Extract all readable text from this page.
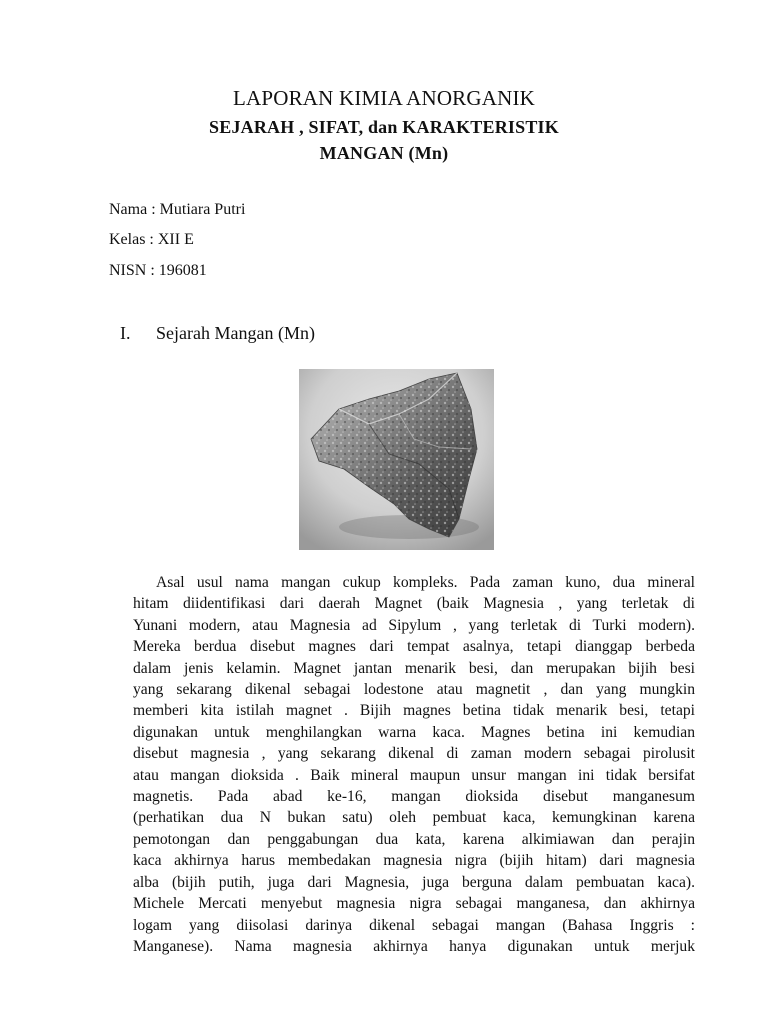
LAPORAN KIMIA ANORGANIK
SEJARAH , SIFAT, dan KARAKTERISTIK
MANGAN (Mn)

Nama : Mutiara Putri

Kelas : XII E

NISN : 196081

I.	Sejarah Mangan (Mn)
Asal usul nama mangan cukup kompleks. Pada zaman kuno, dua mineral
hitam diidentifikasi dari daerah Magnet (baik Magnesia , yang terletak di
Yunani modern, atau Magnesia ad Sipylum , yang terletak di Turki modern).
Mereka berdua disebut magnes dari tempat asalnya, tetapi dianggap berbeda
dalam jenis kelamin. Magnet jantan menarik besi, dan merupakan bijih besi
yang sekarang dikenal sebagai lodestone atau magnetit , dan yang mungkin
memberi kita istilah magnet . Bijih magnes betina tidak menarik besi, tetapi
digunakan untuk menghilangkan warna kaca. Magnes betina ini kemudian
disebut magnesia , yang sekarang dikenal di zaman modern sebagai pirolusit
atau mangan dioksida . Baik mineral maupun unsur mangan ini tidak bersifat
magnetis. Pada abad ke-16, mangan dioksida disebut manganesum
(perhatikan dua N bukan satu) oleh pembuat kaca, kemungkinan karena
pemotongan dan penggabungan dua kata, karena alkimiawan dan perajin
kaca akhirnya harus membedakan magnesia nigra (bijih hitam) dari magnesia
alba (bijih putih, juga dari Magnesia, juga berguna dalam pembuatan kaca).
Michele Mercati menyebut magnesia nigra sebagai manganesa, dan akhirnya
logam yang diisolasi darinya dikenal sebagai mangan (Bahasa Inggris :
Manganese). Nama magnesia akhirnya hanya digunakan untuk merjuk
